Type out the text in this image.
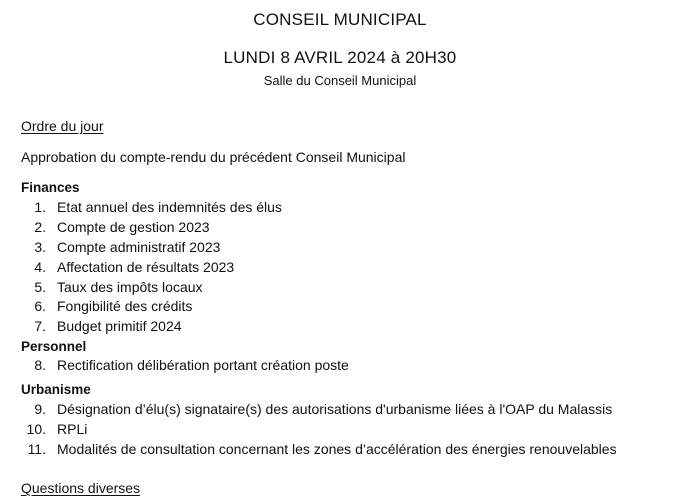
CONSEIL MUNICIPAL
LUNDI 8 AVRIL 2024 à 20H30
Salle du Conseil Municipal
Ordre du jour
Approbation du compte-rendu du précédent Conseil Municipal
Finances
1. Etat annuel des indemnités des élus
2. Compte de gestion 2023
3. Compte administratif 2023
4. Affectation de résultats 2023
5. Taux des impôts locaux
6. Fongibilité des crédits
7. Budget primitif 2024
Personnel
8. Rectification délibération portant création poste
Urbanisme
9. Désignation d’élu(s) signataire(s) des autorisations d'urbanisme liées à l'OAP du Malassis
10. RPLi
11. Modalités de consultation concernant les zones d’accélération des énergies renouvelables
Questions diverses
